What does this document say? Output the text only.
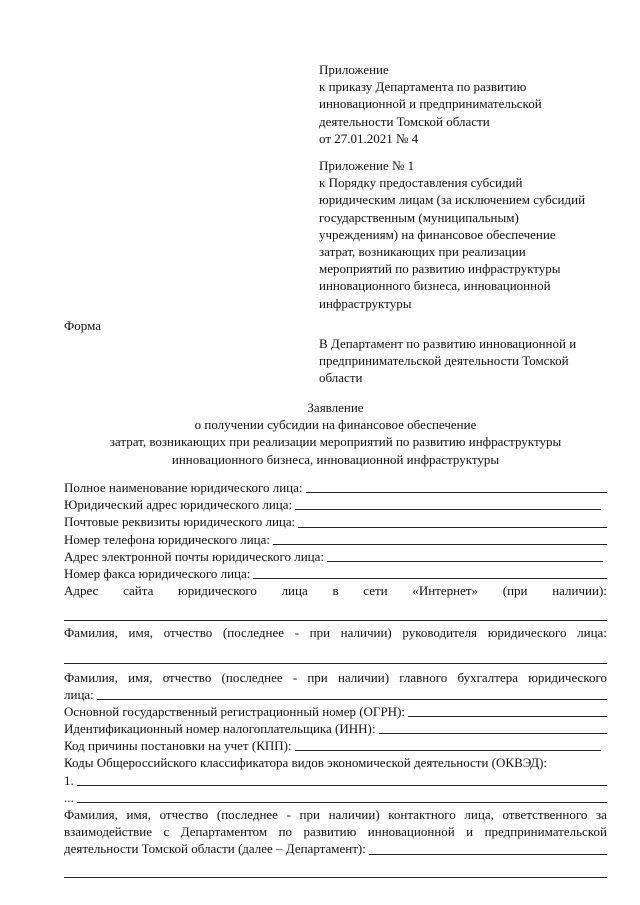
Приложение
к приказу Департамента по развитию
инновационной и предпринимательской
деятельности Томской области
от 27.01.2021 № 4
Приложение № 1
к Порядку предоставления субсидий
юридическим лицам (за исключением субсидий
государственным (муниципальным)
учреждениям) на финансовое обеспечение
затрат, возникающих при реализации
мероприятий по развитию инфраструктуры
инновационного бизнеса, инновационной
инфраструктуры
Форма
В Департамент по развитию инновационной и
предпринимательской деятельности Томской
области
Заявление
о получении субсидии на финансовое обеспечение
затрат, возникающих при реализации мероприятий по развитию инфраструктуры
инновационного бизнеса, инновационной инфраструктуры
Полное наименование юридического лица:
Юридический адрес юридического лица:
Почтовые реквизиты юридического лица:
Номер телефона юридического лица:
Адрес электронной почты юридического лица:
Номер факса юридического лица:
Адрес сайта юридического лица в сети «Интернет» (при наличии):
Фамилия, имя, отчество (последнее - при наличии) руководителя юридического лица:
Фамилия, имя, отчество (последнее - при наличии) главного бухгалтера юридического
лица:
Основной государственный регистрационный номер (ОГРН):
Идентификационный номер налогоплательщика (ИНН):
Код причины постановки на учет (КПП):
Коды Общероссийского классификатора видов экономической деятельности (ОКВЭД):
1.
...
Фамилия, имя, отчество (последнее - при наличии) контактного лица, ответственного за
взаимодействие с Департаментом по развитию инновационной и предпринимательской
деятельности Томской области (далее – Департамент):
